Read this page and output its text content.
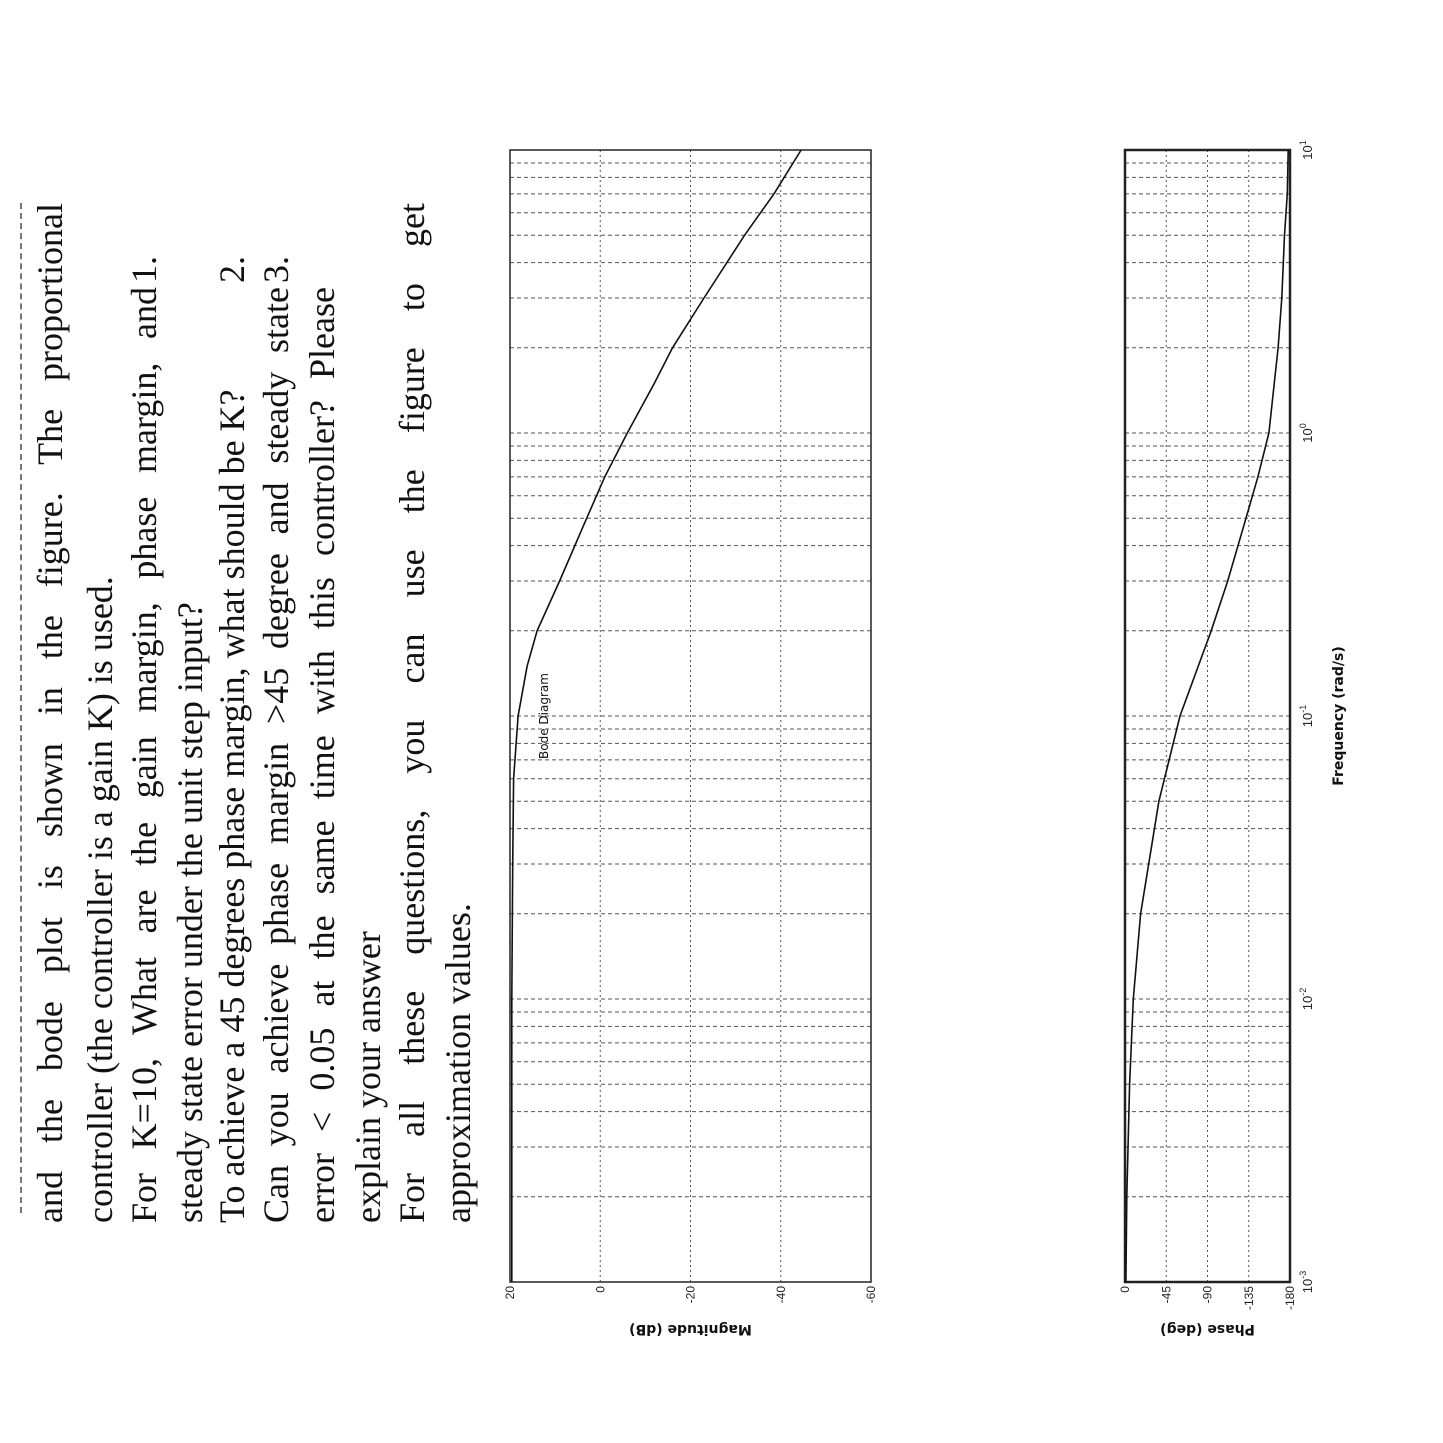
and the bode plot is shown in the figure. The proportional controller (the controller is a gain K) is used.

1.

For K=10, What are the gain margin, phase margin, and steady state error under the unit step input?

2.

To achieve a 45 degrees phase margin, what should be K?

3.

Can you achieve phase margin >45 degree and steady state error < 0.05 at the same time with this controller? Please explain your answer For all these questions, you can use the figure to get approximation values.

20	0	-20	-40	-60
Magnitude (dB)
0 -45 -90 -135 -180
Phase (deg)
$10^{-3}$
$10^{-2}$
$10^{-1}$
$10^0$
$10^1$
Frequency (rad/s)
Bode Diagram
